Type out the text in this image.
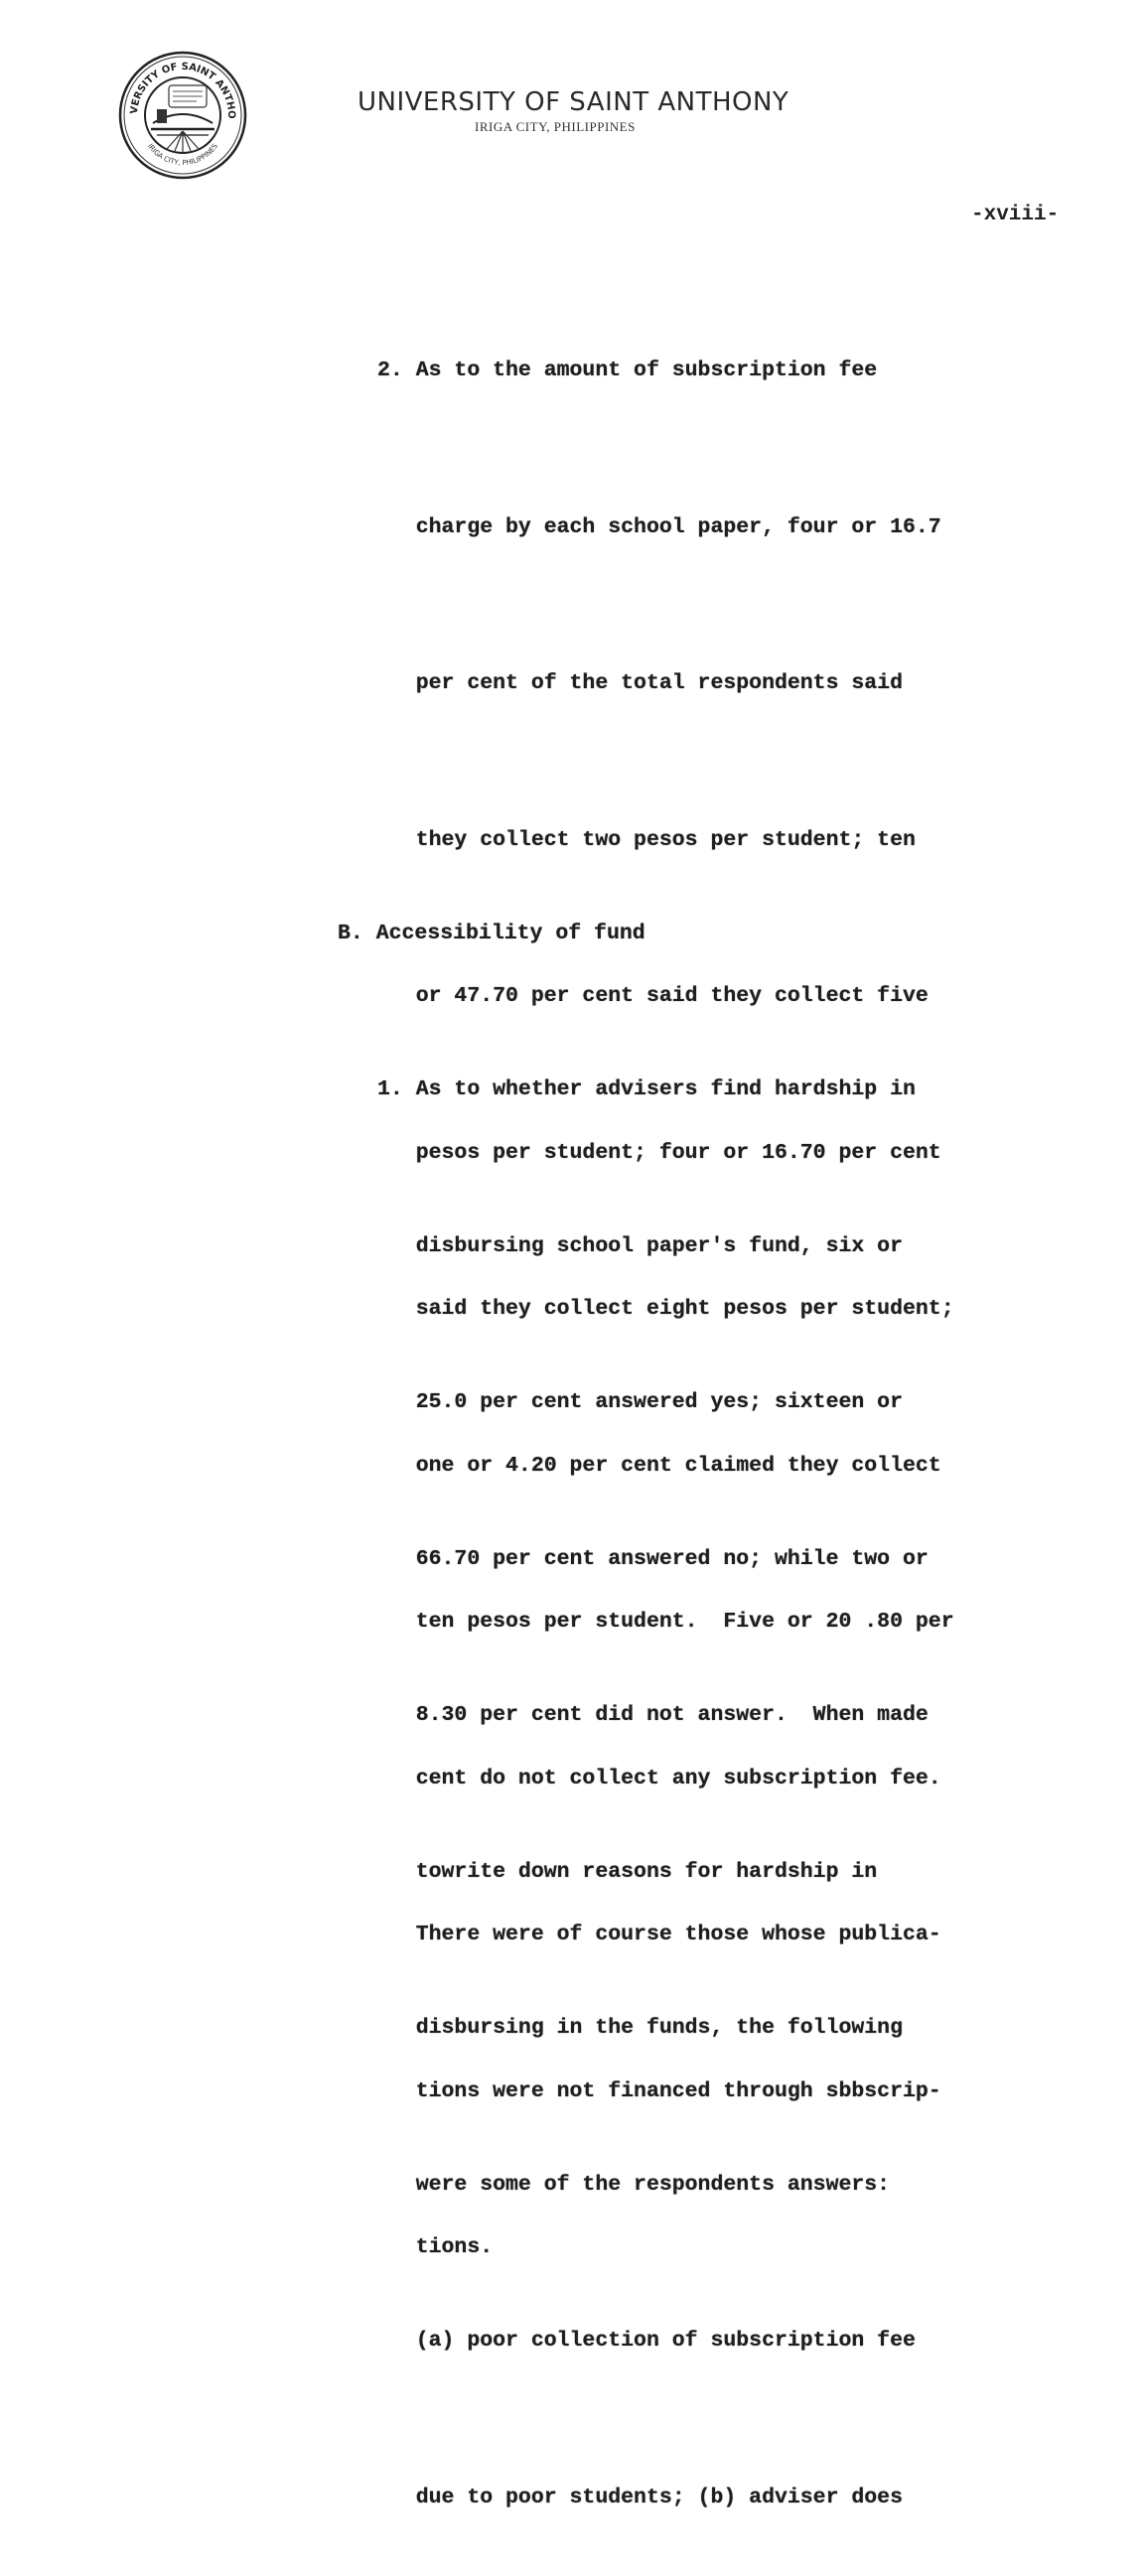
VERSITY OF SAINT ANTHO
IRIGA CITY, PHILIPPINES
UNIVERSITY OF SAINT ANTHONY
IRIGA CITY, PHILIPPINES
-xviii-

2. As to the amount of subscription fee

charge by each school paper, four or 16.7

per cent of the total respondents said

they collect two pesos per student; ten

or 47.70 per cent said they collect five

pesos per student; four or 16.70 per cent

said they collect eight pesos per student;

one or 4.20 per cent claimed they collect

ten pesos per student.  Five or 20 .80 per

cent do not collect any subscription fee.

There were of course those whose publica-

tions were not financed through sbbscrip-

tions.

B. Accessibility of fund

1. As to whether advisers find hardship in

disbursing school paper's fund, six or

25.0 per cent answered yes; sixteen or

66.70 per cent answered no; while two or

8.30 per cent did not answer.  When made

towrite down reasons for hardship in

disbursing in the funds, the following

were some of the respondents answers:

(a) poor collection of subscription fee

due to poor students; (b) adviser does
